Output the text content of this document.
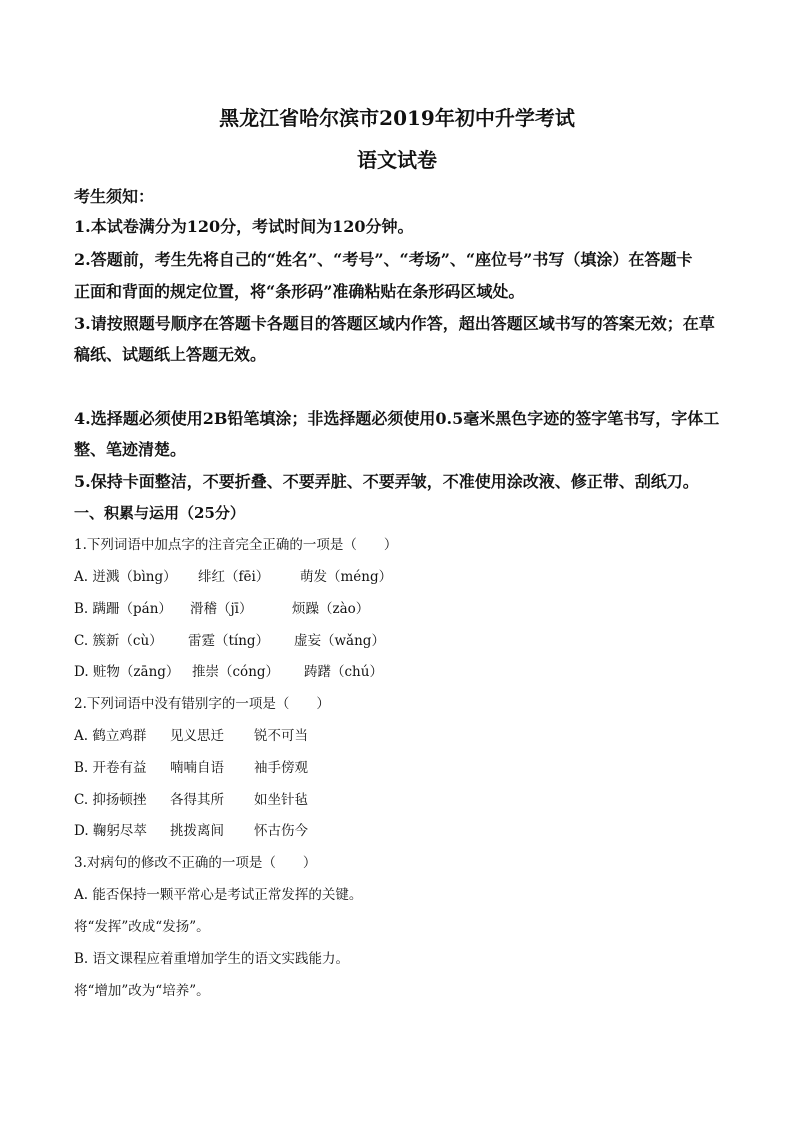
黑龙江省哈尔滨市2019年初中升学考试
语文试卷
考生须知：
1.本试卷满分为120分，考试时间为120分钟。
2.答题前，考生先将自己的“姓名”、“考号”、“考场”、“座位号”书写（填涂）在答题卡
正面和背面的规定位置，将“条形码”准确粘贴在条形码区域处。
3.请按照题号顺序在答题卡各题目的答题区域内作答，超出答题区域书写的答案无效；在草
稿纸、试题纸上答题无效。
4.选择题必须使用2B铅笔填涂；非选择题必须使用0.5毫米黑色字迹的签字笔书写，字体工
整、笔迹清楚。
5.保持卡面整洁，不要折叠、不要弄脏、不要弄皱，不准使用涂改液、修正带、刮纸刀。
一、积累与运用（25分）
1.下列词语中加点字的注音完全正确的一项是（　　）
A. 迸溅（bìng） 绯红（fēi） 萌发（méng）
B. 蹒跚（pán） 滑稽（jī）	烦躁（zào）
C. 簇新（cù） 雷霆（tíng） 虚妄（wǎng）
D. 赃物（zāng） 推崇（cóng） 踌躇（chú）
2.下列词语中没有错别字的一项是（　　）
A. 鹤立鸡群 见义思迁 锐不可当
B. 开卷有益 喃喃自语 袖手傍观
C. 抑扬顿挫 各得其所 如坐针毡
D. 鞠躬尽萃 挑拨离间 怀古伤今
3.对病句的修改不正确的一项是（　　）
A. 能否保持一颗平常心是考试正常发挥的关键。
将“发挥”改成“发扬”。
B. 语文课程应着重增加学生的语文实践能力。
将“增加”改为“培养”。
